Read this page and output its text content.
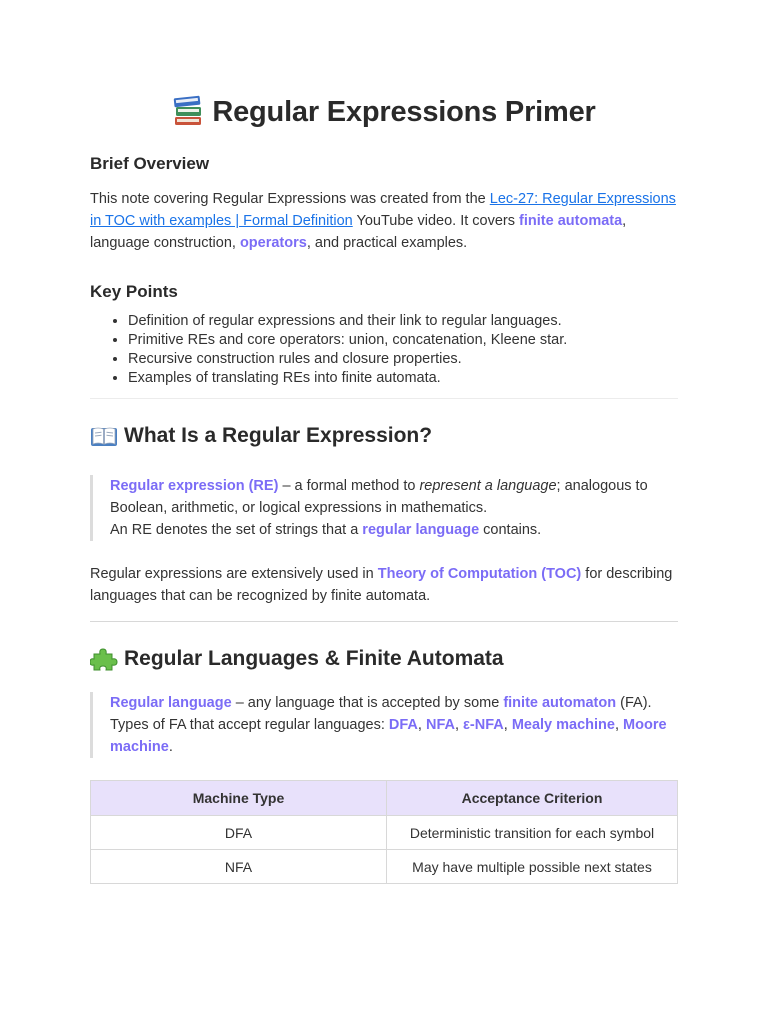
Regular Expressions Primer
Brief Overview

This note covering Regular Expressions was created from the Lec-27: Regular Expressions in TOC with examples | Formal Definition YouTube video. It covers finite automata, language construction, operators, and practical examples.

Key Points
• Definition of regular expressions and their link to regular languages.
• Primitive REs and core operators: union, concatenation, Kleene star.
• Recursive construction rules and closure properties.
• Examples of translating REs into finite automata.
What Is a Regular Expression?

Regular expression (RE) – a formal method to represent a language; analogous to Boolean, arithmetic, or logical expressions in mathematics.

An RE denotes the set of strings that a regular language contains.

Regular expressions are extensively used in Theory of Computation (TOC) for describing languages that can be recognized by finite automata.

Regular Languages & Finite Automata

Regular language – any language that is accepted by some finite automaton (FA).

Types of FA that accept regular languages: DFA, NFA, ε-NFA, Mealy machine, Moore machine.

Machine Type	Acceptance Criterion
DFA	Deterministic transition for each symbol
NFA	May have multiple possible next states
